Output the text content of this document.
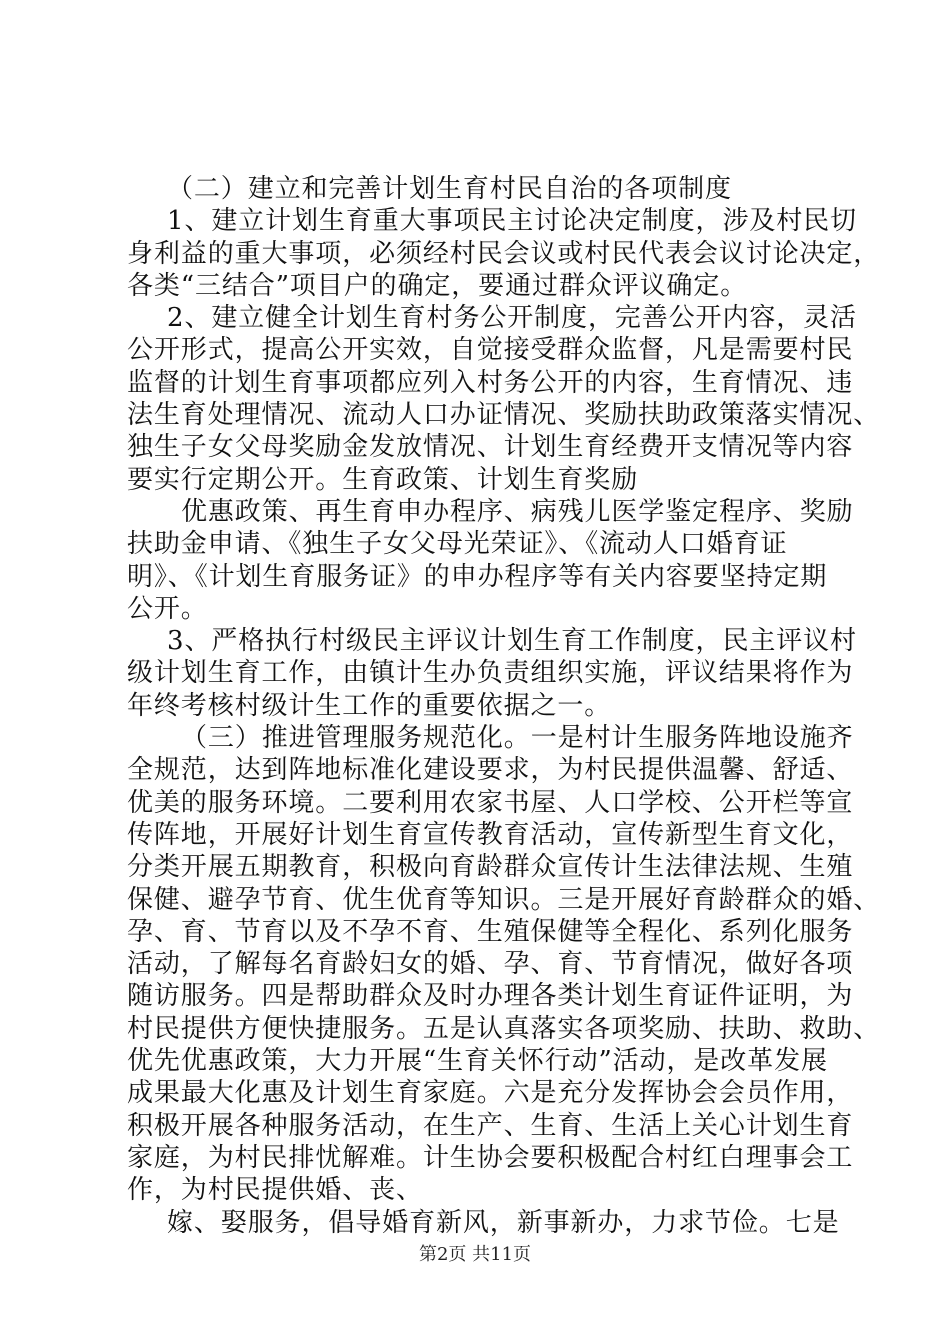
（二）建立和完善计划生育村民自治的各项制度
1、建立计划生育重大事项民主讨论决定制度，涉及村民切
身利益的重大事项，必须经村民会议或村民代表会议讨论决定，
各类“三结合”项目户的确定，要通过群众评议确定。
2、建立健全计划生育村务公开制度，完善公开内容，灵活
公开形式，提高公开实效，自觉接受群众监督，凡是需要村民
监督的计划生育事项都应列入村务公开的内容，生育情况、违
法生育处理情况、流动人口办证情况、奖励扶助政策落实情况、
独生子女父母奖励金发放情况、计划生育经费开支情况等内容
要实行定期公开。生育政策、计划生育奖励
优惠政策、再生育申办程序、病残儿医学鉴定程序、奖励
扶助金申请、《独生子女父母光荣证》、《流动人口婚育证
明》、《计划生育服务证》的申办程序等有关内容要坚持定期
公开。
3、严格执行村级民主评议计划生育工作制度，民主评议村
级计划生育工作，由镇计生办负责组织实施，评议结果将作为
年终考核村级计生工作的重要依据之一。
（三）推进管理服务规范化。一是村计生服务阵地设施齐
全规范，达到阵地标准化建设要求，为村民提供温馨、舒适、
优美的服务环境。二要利用农家书屋、人口学校、公开栏等宣
传阵地，开展好计划生育宣传教育活动，宣传新型生育文化，
分类开展五期教育，积极向育龄群众宣传计生法律法规、生殖
保健、避孕节育、优生优育等知识。三是开展好育龄群众的婚、
孕、育、节育以及不孕不育、生殖保健等全程化、系列化服务
活动，了解每名育龄妇女的婚、孕、育、节育情况，做好各项
随访服务。四是帮助群众及时办理各类计划生育证件证明，为
村民提供方便快捷服务。五是认真落实各项奖励、扶助、救助、
优先优惠政策，大力开展“生育关怀行动”活动，是改革发展
成果最大化惠及计划生育家庭。六是充分发挥协会会员作用，
积极开展各种服务活动，在生产、生育、生活上关心计划生育
家庭，为村民排忧解难。计生协会要积极配合村红白理事会工
作，为村民提供婚、丧、
嫁、娶服务，倡导婚育新风，新事新办，力求节俭。七是
第2页 共11页
